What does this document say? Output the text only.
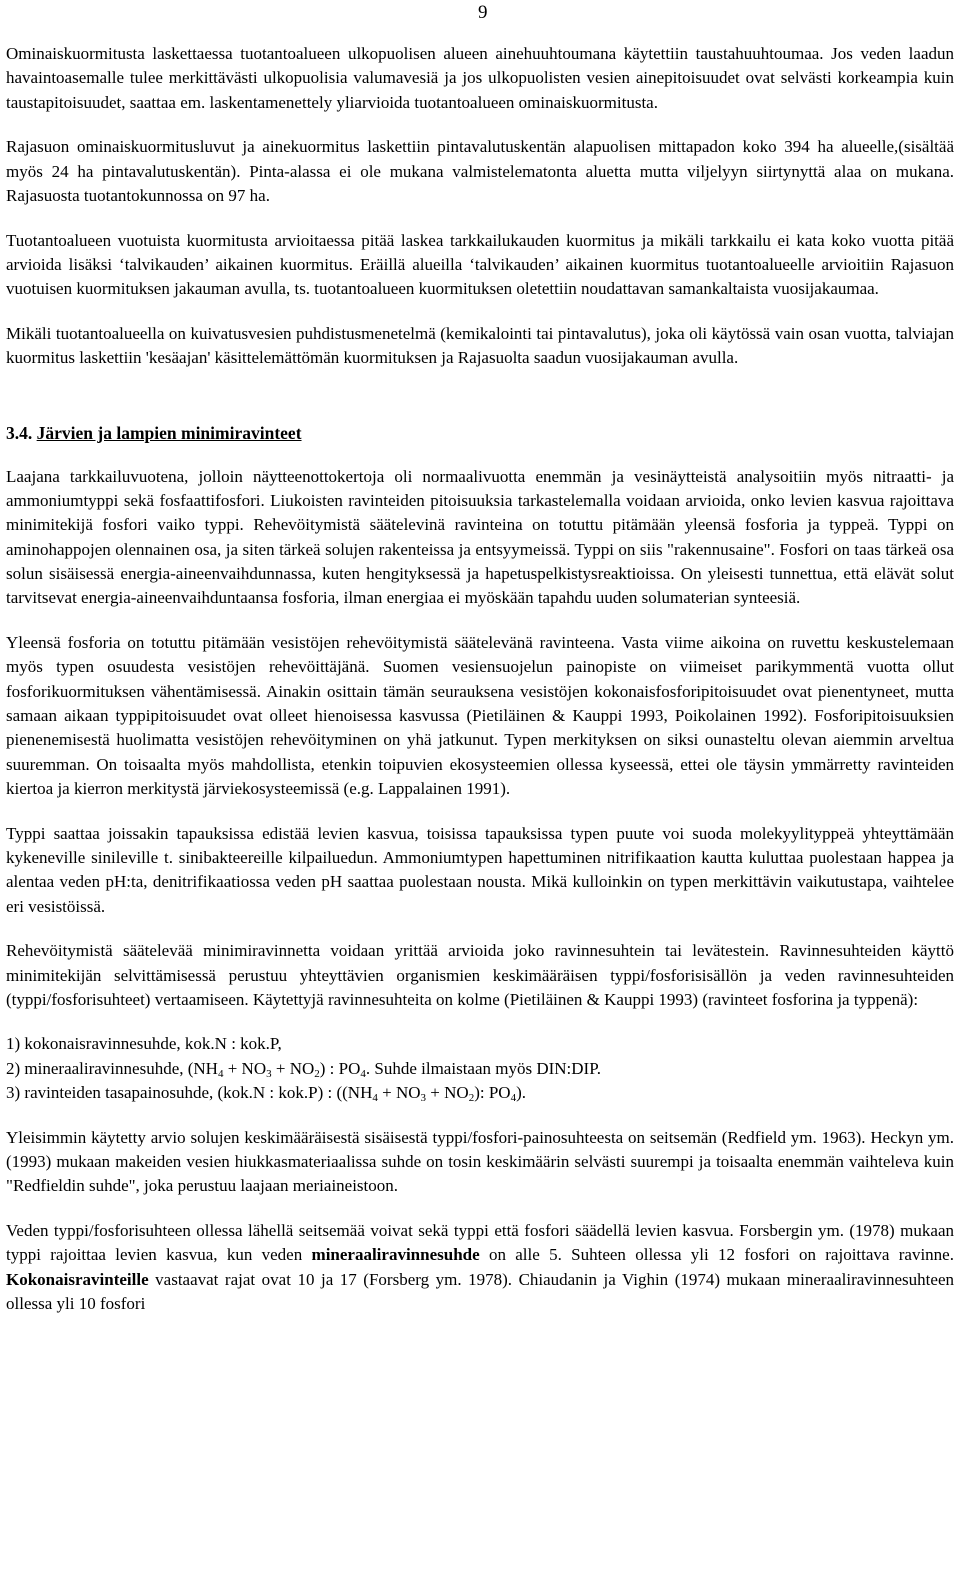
9

Ominaiskuormitusta laskettaessa tuotantoalueen ulkopuolisen alueen ainehuuhtoumana käytettiin taustahuuhtoumaa. Jos veden laadun havaintoasemalle tulee merkittävästi ulkopuolisia valumavesiä ja jos ulkopuolisten vesien ainepitoisuudet ovat selvästi korkeampia kuin taustapitoisuudet, saattaa em. laskentamenettely yliarvioida tuotantoalueen ominaiskuormitusta.

Rajasuon ominaiskuormitusluvut ja ainekuormitus laskettiin pintavalutuskentän alapuolisen mittapadon koko 394 ha alueelle,(sisältää myös 24 ha pintavalutuskentän). Pinta-alassa ei ole mukana valmistelematonta aluetta mutta viljelyyn siirtynyttä alaa on mukana. Rajasuosta tuotantokunnossa on 97 ha.

Tuotantoalueen vuotuista kuormitusta arvioitaessa pitää laskea tarkkailukauden kuormitus ja mikäli tarkkailu ei kata koko vuotta pitää arvioida lisäksi ‘talvikauden’ aikainen kuormitus. Eräillä alueilla ‘talvikauden’ aikainen kuormitus tuotantoalueelle arvioitiin Rajasuon vuotuisen kuormituksen jakauman avulla, ts. tuotantoalueen kuormituksen oletettiin noudattavan samankaltaista vuosijakaumaa.

Mikäli tuotantoalueella on kuivatusvesien puhdistusmenetelmä (kemikalointi tai pintavalutus), joka oli käytössä vain osan vuotta, talviajan kuormitus laskettiin 'kesäajan' käsittelemättömän kuormituksen ja Rajasuolta saadun vuosijakauman avulla.

3.4. Järvien ja lampien minimiravinteet

Laajana tarkkailuvuotena, jolloin näytteenottokertoja oli normaalivuotta enemmän ja vesinäytteistä analysoitiin myös nitraatti- ja ammoniumtyppi sekä fosfaattifosfori. Liukoisten ravinteiden pitoisuuksia tarkastelemalla voidaan arvioida, onko levien kasvua rajoittava minimitekijä fosfori vaiko typpi. Rehevöitymistä säätelevinä ravinteina on totuttu pitämään yleensä fosforia ja typpeä. Typpi on aminohappojen olennainen osa, ja siten tärkeä solujen rakenteissa ja entsyymeissä. Typpi on siis "rakennusaine". Fosfori on taas tärkeä osa solun sisäisessä energia-aineenvaihdunnassa, kuten hengityksessä ja hapetuspelkistysreaktioissa. On yleisesti tunnettua, että elävät solut tarvitsevat energia-aineenvaihduntaansa fosforia, ilman energiaa ei myöskään tapahdu uuden solumaterian synteesiä.

Yleensä fosforia on totuttu pitämään vesistöjen rehevöitymistä säätelevänä ravinteena. Vasta viime aikoina on ruvettu keskustelemaan myös typen osuudesta vesistöjen rehevöittäjänä. Suomen vesiensuojelun painopiste on viimeiset parikymmentä vuotta ollut fosforikuormituksen vähentämisessä. Ainakin osittain tämän seurauksena vesistöjen kokonaisfosforipitoisuudet ovat pienentyneet, mutta samaan aikaan typpipitoisuudet ovat olleet hienoisessa kasvussa (Pietiläinen & Kauppi 1993, Poikolainen 1992). Fosforipitoisuuksien pienenemisestä huolimatta vesistöjen rehevöityminen on yhä jatkunut. Typen merkityksen on siksi ounasteltu olevan aiemmin arveltua suuremman. On toisaalta myös mahdollista, etenkin toipuvien ekosysteemien ollessa kyseessä, ettei ole täysin ymmärretty ravinteiden kiertoa ja kierron merkitystä järviekosysteemissä (e.g. Lappalainen 1991).

Typpi saattaa joissakin tapauksissa edistää levien kasvua, toisissa tapauksissa typen puute voi suoda molekyylityppeä yhteyttämään kykeneville sinileville t. sinibakteereille kilpailuedun. Ammoniumtypen hapettuminen nitrifikaation kautta kuluttaa puolestaan happea ja alentaa veden pH:ta, denitrifikaatiossa veden pH saattaa puolestaan nousta. Mikä kulloinkin on typen merkittävin vaikutustapa, vaihtelee eri vesistöissä.

Rehevöitymistä säätelevää minimiravinnetta voidaan yrittää arvioida joko ravinnesuhtein tai levätestein. Ravinnesuhteiden käyttö minimitekijän selvittämisessä perustuu yhteyttävien organismien keskimääräisen typpi/fosforisisällön ja veden ravinnesuhteiden (typpi/fosforisuhteet) vertaamiseen. Käytettyjä ravinnesuhteita on kolme (Pietiläinen & Kauppi 1993) (ravinteet fosforina ja typpenä):

1) kokonaisravinnesuhde, kok.N : kok.P,

2) mineraaliravinnesuhde, $(NH_4 + NO_3 + NO_2)$ : $PO_4$. Suhde ilmaistaan myös DIN:DIP.

3) ravinteiden tasapainosuhde, (kok.N : kok.P) : ($(NH_4 + NO_3 + NO_2)$: $PO_4$).

Yleisimmin käytetty arvio solujen keskimääräisestä sisäisestä typpi/fosfori-painosuhteesta on seitsemän (Redfield ym. 1963). Heckyn ym. (1993) mukaan makeiden vesien hiukkasmateriaalissa suhde on tosin keskimäärin selvästi suurempi ja toisaalta enemmän vaihteleva kuin "Redfieldin suhde", joka perustuu laajaan meriaineistoon.

Veden typpi/fosforisuhteen ollessa lähellä seitsemää voivat sekä typpi että fosfori säädellä levien kasvua. Forsbergin ym. (1978) mukaan typpi rajoittaa levien kasvua, kun veden mineraaliravinnesuhde on alle 5. Suhteen ollessa yli 12 fosfori on rajoittava ravinne. Kokonaisravinteille vastaavat rajat ovat 10 ja 17 (Forsberg ym. 1978). Chiaudanin ja Vighin (1974) mukaan mineraaliravinnesuhteen ollessa yli 10 fosfori
